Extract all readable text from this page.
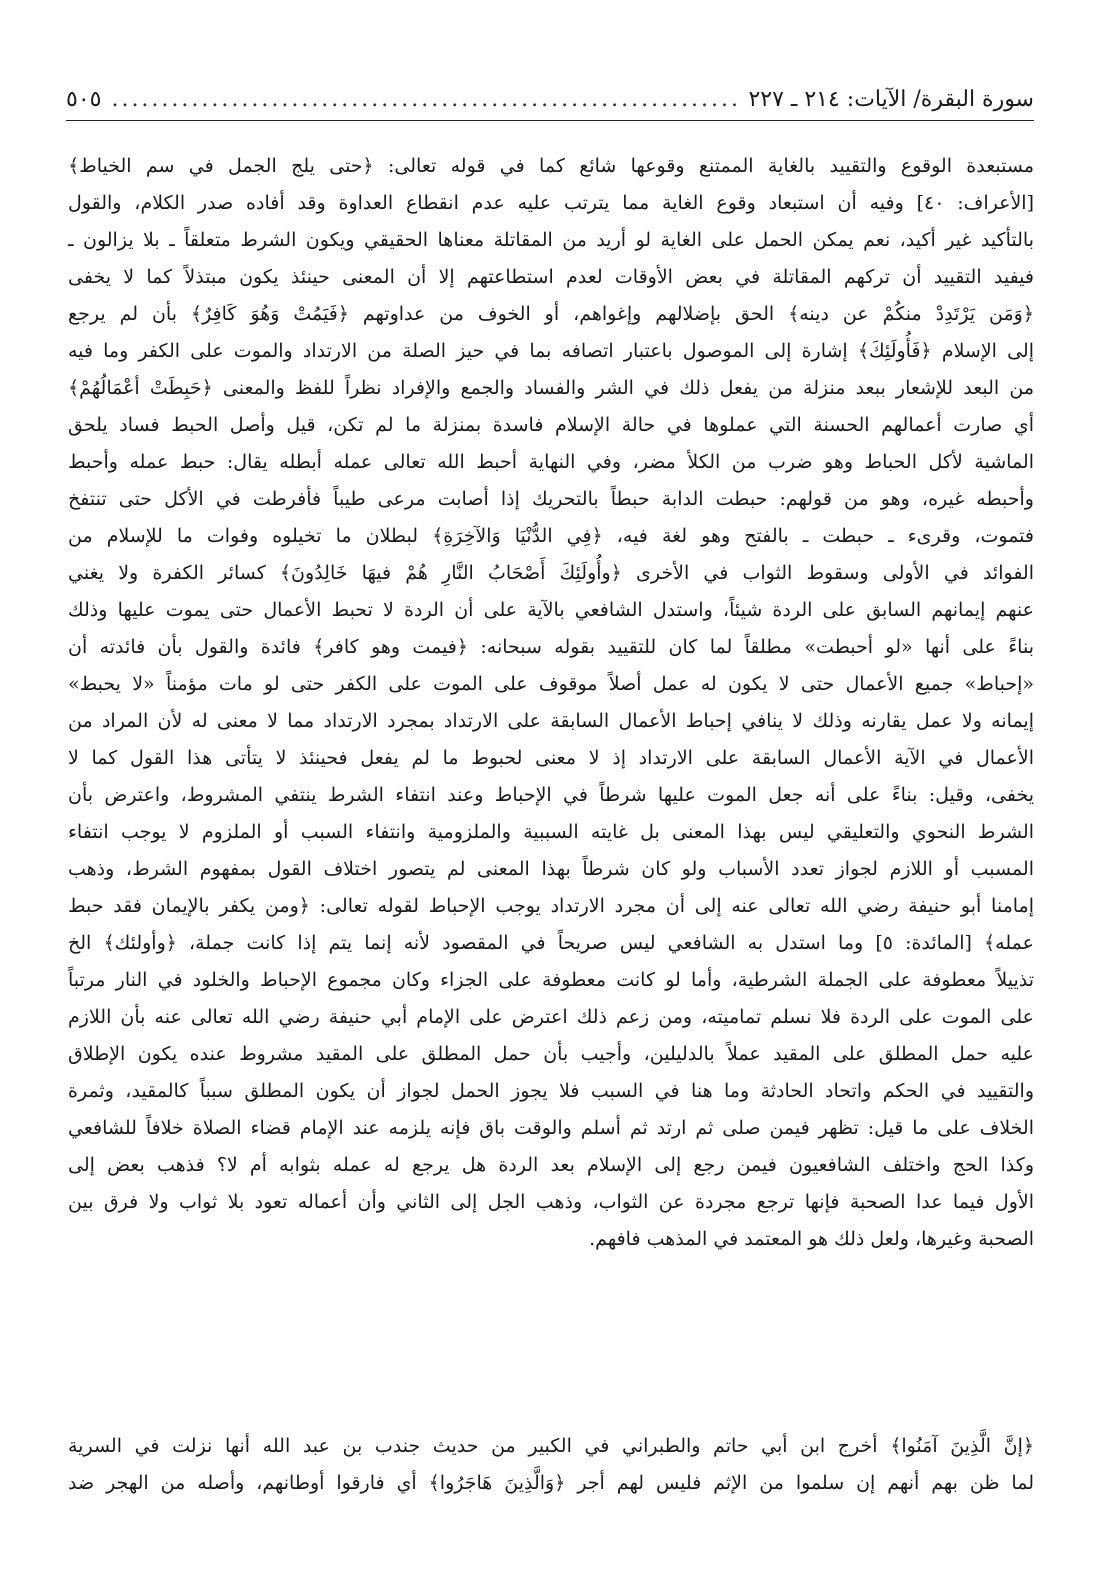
سورة البقرة/ الآيات: ٢١٤ ـ ٢٢٧
.....
٥٠٥
مستبعدة الوقوع والتقييد بالغاية الممتنع وقوعها شائع كما في قوله تعالى: ﴿حتى يلج الجمل في سم الخياط﴾
[الأعراف: ٤٠] وفيه أن استبعاد وقوع الغاية مما يترتب عليه عدم انقطاع العداوة وقد أفاده صدر الكلام، والقول
بالتأكيد غير أكيد، نعم يمكن الحمل على الغاية لو أريد من المقاتلة معناها الحقيقي ويكون الشرط متعلقاً ـ بلا يزالون ـ
فيفيد التقييد أن تركهم المقاتلة في بعض الأوقات لعدم استطاعتهم إلا أن المعنى حينئذ يكون مبتذلاً كما لا يخفى
﴿وَمَن يَرْتَدِدْ منكُمْ عن دينه﴾ الحق بإضلالهم وإغواهم، أو الخوف من عداوتهم ﴿فَيَمُتْ وَهُوَ كَافِرٌ﴾ بأن لم يرجع
إلى الإسلام ﴿فَأُولَئِكَ﴾ إشارة إلى الموصول باعتبار اتصافه بما في حيز الصلة من الارتداد والموت على الكفر وما فيه
من البعد للإشعار ببعد منزلة من يفعل ذلك في الشر والفساد والجمع والإفراد نظراً للفظ والمعنى ﴿حَبِطَتْ أعْمَالُهُمْ﴾
أي صارت أعمالهم الحسنة التي عملوها في حالة الإسلام فاسدة بمنزلة ما لم تكن، قيل وأصل الحبط فساد يلحق
الماشية لأكل الحباط وهو ضرب من الكلأ مضر، وفي النهاية أحبط الله تعالى عمله أبطله يقال: حبط عمله وأحبط
وأحبطه غيره، وهو من قولهم: حبطت الدابة حبطاً بالتحريك إذا أصابت مرعى طيباً فأفرطت في الأكل حتى تنتفخ
فتموت، وقرىء ـ حبطت ـ بالفتح وهو لغة فيه، ﴿فِي الدُّنْيَا وَالآخِرَةِ﴾ لبطلان ما تخيلوه وفوات ما للإسلام من
الفوائد في الأولى وسقوط الثواب في الأخرى ﴿وأُولَئِكَ أَصْحَابُ النَّارِ هُمْ فيهَا خَالِدُونَ﴾ كسائر الكفرة ولا يغني
عنهم إيمانهم السابق على الردة شيئاً، واستدل الشافعي بالآية على أن الردة لا تحبط الأعمال حتى يموت عليها وذلك
بناءً على أنها «لو أحبطت» مطلقاً لما كان للتقييد بقوله سبحانه: ﴿فيمت وهو كافر﴾ فائدة والقول بأن فائدته أن
«إحباط» جميع الأعمال حتى لا يكون له عمل أصلاً موقوف على الموت على الكفر حتى لو مات مؤمناً «لا يحبط»
إيمانه ولا عمل يقارنه وذلك لا ينافي إحباط الأعمال السابقة على الارتداد بمجرد الارتداد مما لا معنى له لأن المراد من
الأعمال في الآية الأعمال السابقة على الارتداد إذ لا معنى لحبوط ما لم يفعل فحينئذ لا يتأتى هذا القول كما لا
يخفى، وقيل: بناءً على أنه جعل الموت عليها شرطاً في الإحباط وعند انتفاء الشرط ينتفي المشروط، واعترض بأن
الشرط النحوي والتعليقي ليس بهذا المعنى بل غايته السببية والملزومية وانتفاء السبب أو الملزوم لا يوجب انتفاء
المسبب أو اللازم لجواز تعدد الأسباب ولو كان شرطاً بهذا المعنى لم يتصور اختلاف القول بمفهوم الشرط، وذهب
إمامنا أبو حنيفة رضي الله تعالى عنه إلى أن مجرد الارتداد يوجب الإحباط لقوله تعالى: ﴿ومن يكفر بالإيمان فقد حبط
عمله﴾ [المائدة: ٥] وما استدل به الشافعي ليس صريحاً في المقصود لأنه إنما يتم إذا كانت جملة، ﴿وأولئك﴾ الخ
تذييلاً معطوفة على الجملة الشرطية، وأما لو كانت معطوفة على الجزاء وكان مجموع الإحباط والخلود في النار مرتباً
على الموت على الردة فلا نسلم تماميته، ومن زعم ذلك اعترض على الإمام أبي حنيفة رضي الله تعالى عنه بأن اللازم
عليه حمل المطلق على المقيد عملاً بالدليلين، وأجيب بأن حمل المطلق على المقيد مشروط عنده يكون الإطلاق
والتقييد في الحكم واتحاد الحادثة وما هنا في السبب فلا يجوز الحمل لجواز أن يكون المطلق سبباً كالمقيد، وثمرة
الخلاف على ما قيل: تظهر فيمن صلى ثم ارتد ثم أسلم والوقت باق فإنه يلزمه عند الإمام قضاء الصلاة خلافاً للشافعي
وكذا الحج واختلف الشافعيون فيمن رجع إلى الإسلام بعد الردة هل يرجع له عمله بثوابه أم لا؟ فذهب بعض إلى
الأول فيما عدا الصحبة فإنها ترجع مجردة عن الثواب، وذهب الجل إلى الثاني وأن أعماله تعود بلا ثواب ولا فرق بين
الصحبة وغيرها، ولعل ذلك هو المعتمد في المذهب فافهم.
﴿إنَّ الَّذِينَ آمَنُوا﴾ أخرج ابن أبي حاتم والطبراني في الكبير من حديث جندب بن عبد الله أنها نزلت في السرية
لما ظن بهم أنهم إن سلموا من الإثم فليس لهم أجر ﴿وَالَّذِينَ هَاجَرُوا﴾ أي فارقوا أوطانهم، وأصله من الهجر ضد
